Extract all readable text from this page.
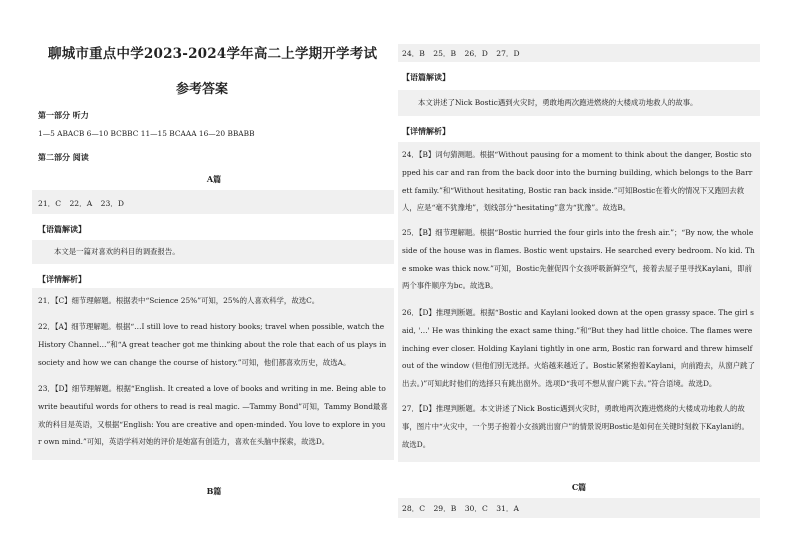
聊城市重点中学2023-2024学年高二上学期开学考试
参考答案
第一部分 听力
1—5 ABACB 6—10 BCBBC 11—15 BCAAA 16—20 BBABB
第二部分 阅读
A篇
21．C 22．A 23．D
【语篇解读】
本文是一篇对喜欢的科目的调查报告。
【详情解析】
21．【C】细节理解题。根据表中“Science 25%”可知，25%的人喜欢科学，故选C。
22．【A】细节理解题。根据“…I still love to read history books; travel when possible, watch the History Channel…”和“A great teacher got me thinking about the role that each of us plays in society and how we can change the course of history.”可知，他们都喜欢历史，故选A。
23．【D】细节理解题。根据“English. It created a love of books and writing in me. Being able to write beautiful words for others to read is real magic. —Tammy Bond”可知，Tammy Bond最喜欢的科目是英语，又根据“English: You are creative and open-minded. You love to explore in your own mind.”可知，英语学科对她的评价是她富有创造力，喜欢在头脑中探索，故选D。
B篇
24．B 25．B 26．D 27．D
【语篇解读】
本文讲述了Nick Bostic遇到火灾时，勇敢地两次跑进燃烧的大楼成功地救人的故事。
【详情解析】
24．【B】词句猜测题。根据“Without pausing for a moment to think about the danger, Bostic stopped his car and ran from the back door into the burning building, which belongs to the Barrett family.”和“Without hesitating, Bostic ran back inside.”可知Bostic在着火的情况下又跑回去救人，应是“毫不犹豫地”，划线部分“hesitating”意为“犹豫”。故选B。
25．【B】细节理解题。根据“Bostic hurried the four girls into the fresh air.”；“By now, the whole side of the house was in flames. Bostic went upstairs. He searched every bedroom. No kid. The smoke was thick now.”可知，Bostic先催促四个女孩呼吸新鲜空气，接着去屋子里寻找Kaylani，即前两个事件顺序为bc。故选B。
26．【D】推理判断题。根据“Bostic and Kaylani looked down at the open grassy space. The girl said, '…' He was thinking the exact same thing.”和“But they had little choice. The flames were inching ever closer. Holding Kaylani tightly in one arm, Bostic ran forward and threw himself out of the window (但他们别无选择。火焰越来越近了。Bostic紧紧抱着Kaylani，向前跑去，从窗户跳了出去。)”可知此时他们的选择只有跳出窗外。选项D“我可不想从窗户跳下去。”符合语境。故选D。
27．【D】推理判断题。本文讲述了Nick Bostic遇到火灾时，勇敢地两次跑进燃烧的大楼成功地救人的故事，图片中“火灾中，一个男子抱着小女孩跳出窗户”的情景说明Bostic是如何在关键时刻救下Kaylani的。故选D。
C篇
28．C 29．B 30．C 31．A
